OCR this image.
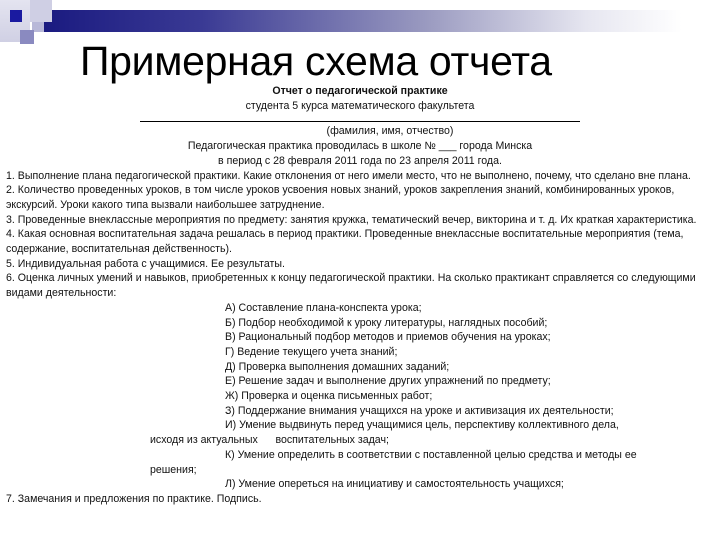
Примерная схема отчета
Отчет о педагогической практике
студента 5 курса математического факультета
(фамилия, имя, отчество)
Педагогическая практика проводилась в школе № ___ города Минска
в период с 28 февраля 2011 года по 23 апреля 2011 года.
1. Выполнение плана педагогической практики. Какие отклонения от него имели место, что не выполнено, почему, что сделано вне плана.
2. Количество проведенных уроков, в том числе уроков усвоения новых знаний, уроков закрепления знаний, комбинированных уроков, экскурсий. Уроки какого типа вызвали наибольшее затруднение.
3. Проведенные внеклассные мероприятия по предмету: занятия кружка, тематический вечер, викторина и т. д. Их краткая характеристика.
4. Какая основная воспитательная задача решалась в период практики. Проведенные внеклассные воспитательные мероприятия (тема, содержание, воспитательная действенность).
5. Индивидуальная работа с учащимися. Ее результаты.
6. Оценка личных умений и навыков, приобретенных к концу педагогической практики. На сколько практикант справляется со следующими видами деятельности:
А) Составление плана-конспекта урока;
Б) Подбор необходимой к уроку литературы, наглядных пособий;
В) Рациональный подбор методов и приемов обучения на уроках;
Г) Ведение текущего учета знаний;
Д) Проверка выполнения домашних заданий;
Е) Решение задач и выполнение других упражнений по предмету;
Ж) Проверка и оценка письменных работ;
З) Поддержание внимания учащихся на уроке и активизация их деятельности;
И) Умение выдвинуть перед учащимися цель, перспективу коллективного дела,
исходя из актуальных      воспитательных задач;
К) Умение определить в соответствии с поставленной целью средства и методы ее
решения;
Л) Умение опереться на инициативу и самостоятельность учащихся;
7. Замечания и предложения по практике. Подпись.
